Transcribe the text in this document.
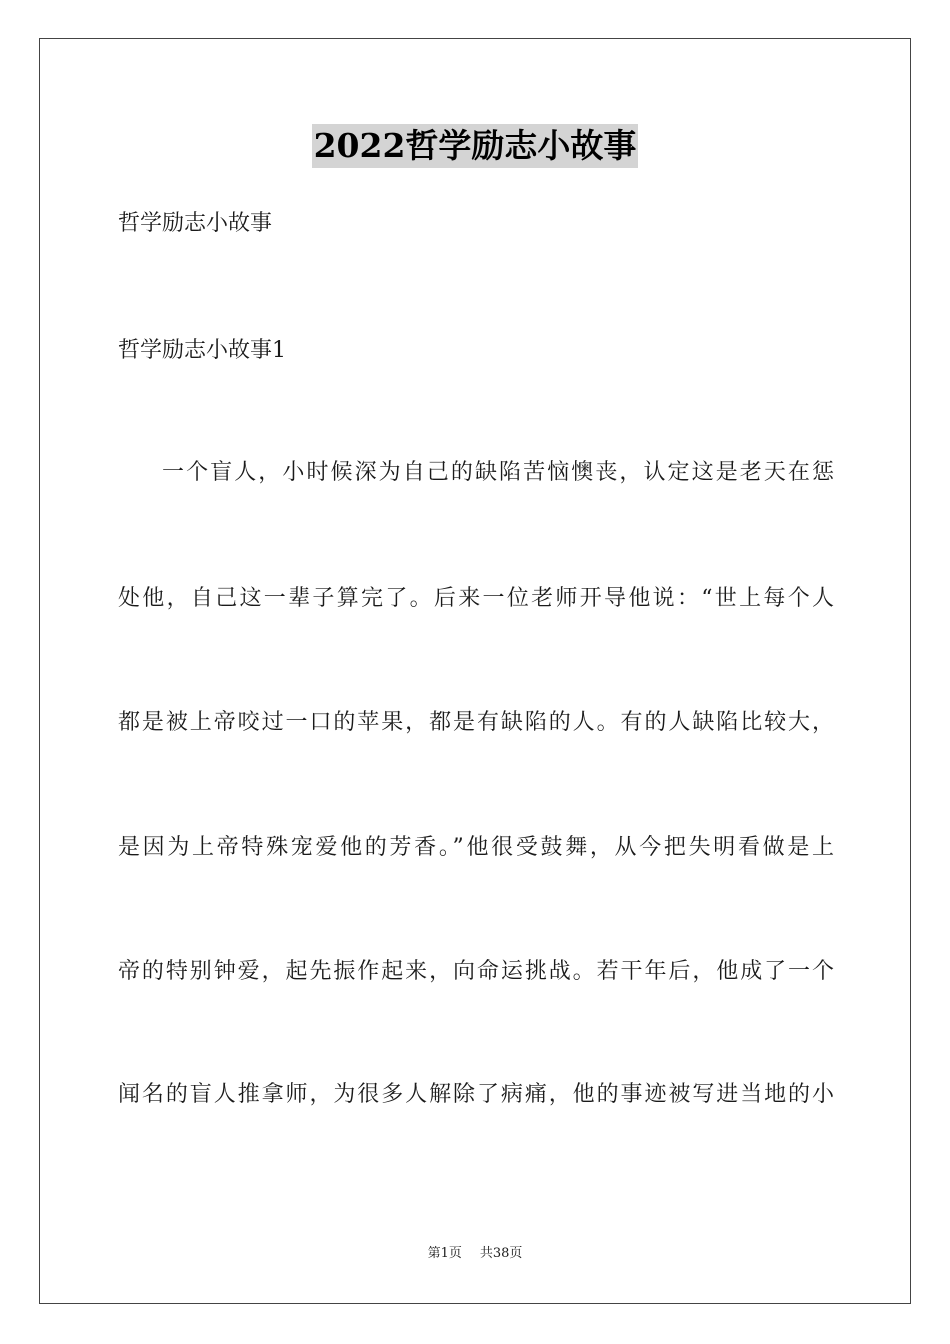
2022哲学励志小故事
哲学励志小故事
哲学励志小故事1
一个盲人，小时候深为自己的缺陷苦恼懊丧，认定这是老天在惩
处他，自己这一辈子算完了。后来一位老师开导他说：“世上每个人
都是被上帝咬过一口的苹果，都是有缺陷的人。有的人缺陷比较大，
是因为上帝特殊宠爱他的芳香。”他很受鼓舞，从今把失明看做是上
帝的特别钟爱，起先振作起来，向命运挑战。若干年后，他成了一个
闻名的盲人推拿师，为很多人解除了病痛，他的事迹被写进当地的小
第1页 共38页
